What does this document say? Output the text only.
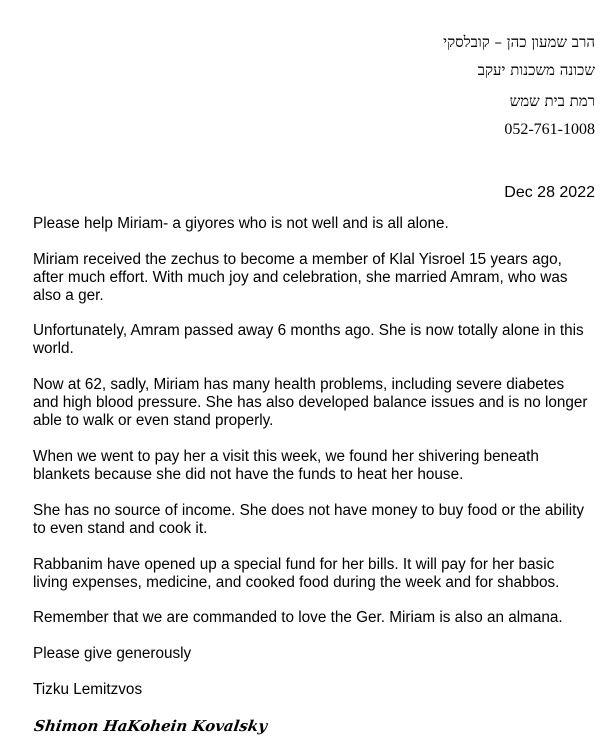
הרב שמעון כהן – קובלסקי
שכונה משכנות יעקב
רמת בית שמש
052-761-1008
Dec 28 2022

Please help Miriam- a giyores who is not well and is all alone.

Miriam received the zechus to become a member of Klal Yisroel 15 years ago, after much effort. With much joy and celebration, she married Amram, who was also a ger.

Unfortunately, Amram passed away 6 months ago. She is now totally alone in this world.

Now at 62, sadly, Miriam has many health problems, including severe diabetes and high blood pressure. She has also developed balance issues and is no longer able to walk or even stand properly.

When we went to pay her a visit this week, we found her shivering beneath blankets because she did not have the funds to heat her house.

She has no source of income. She does not have money to buy food or the ability to even stand and cook it.

Rabbanim have opened up a special fund for her bills. It will pay for her basic living expenses, medicine, and cooked food during the week and for shabbos.

Remember that we are commanded to love the Ger. Miriam is also an almana.

Please give generously

Tizku Lemitzvos

Shimon HaKohein Kovalsky
